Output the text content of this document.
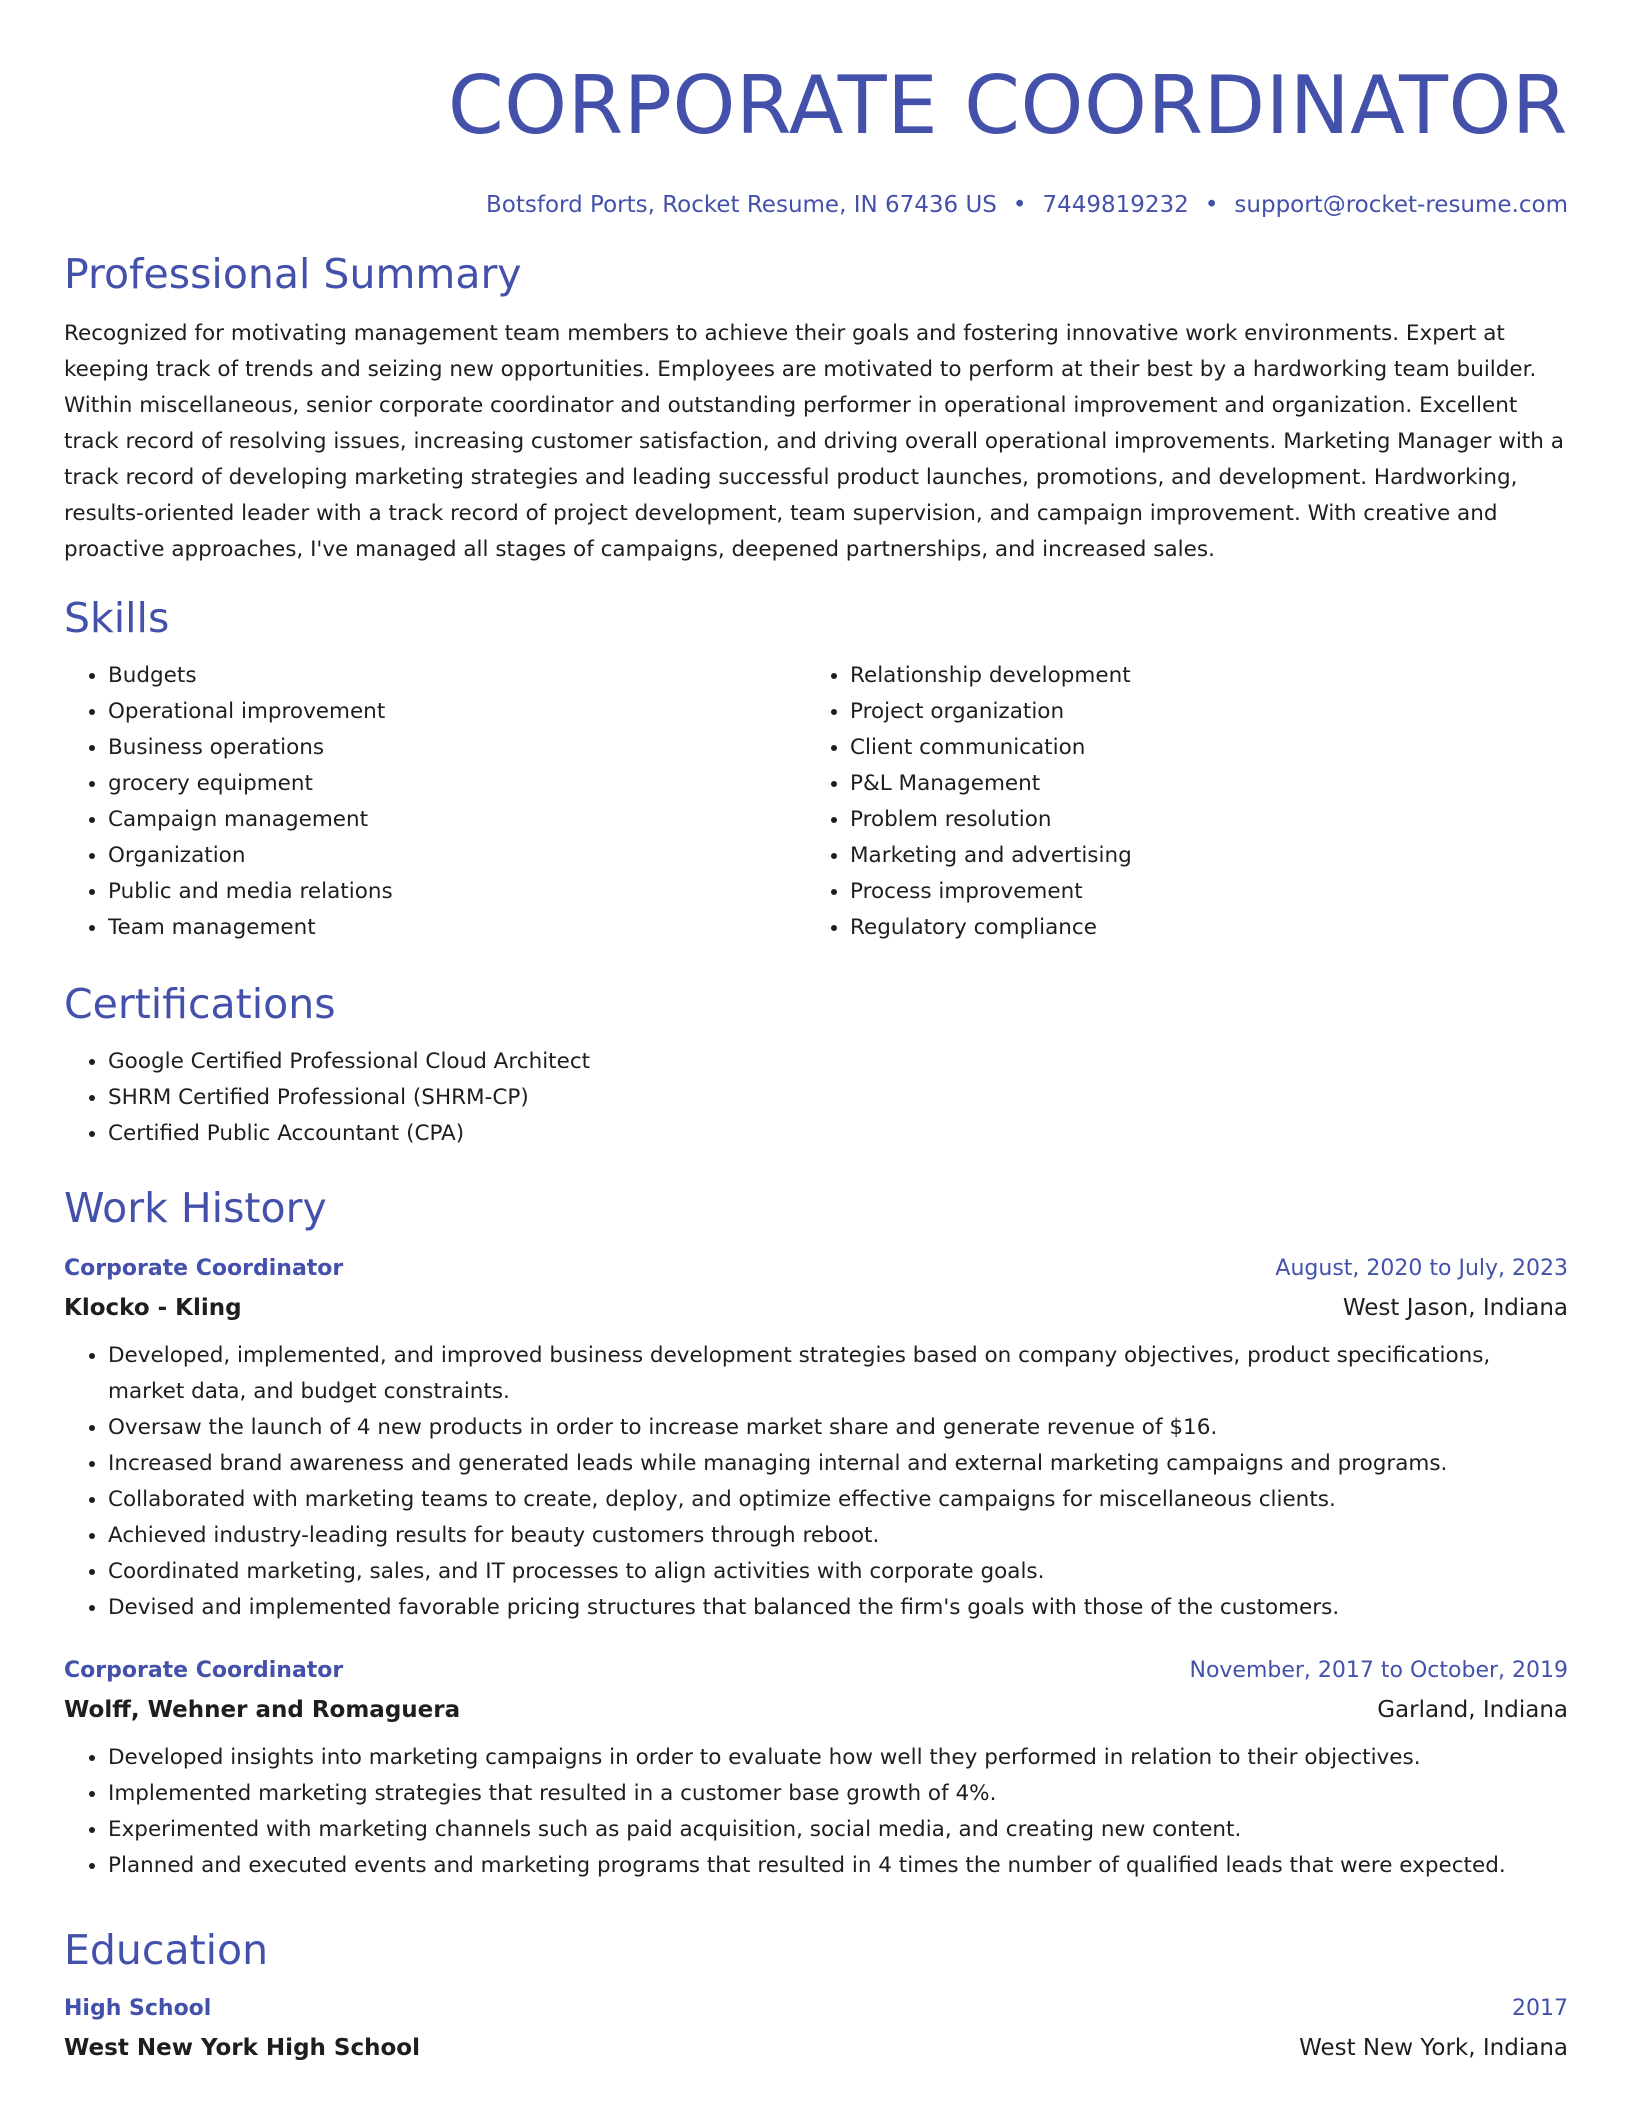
CORPORATE COORDINATOR
Botsford Ports, Rocket Resume, IN 67436 US • 7449819232 • support@rocket-resume.com
Professional Summary

Recognized for motivating management team members to achieve their goals and fostering innovative work environments. Expert at keeping track of trends and seizing new opportunities. Employees are motivated to perform at their best by a hardworking team builder. Within miscellaneous, senior corporate coordinator and outstanding performer in operational improvement and organization. Excellent track record of resolving issues, increasing customer satisfaction, and driving overall operational improvements. Marketing Manager with a track record of developing marketing strategies and leading successful product launches, promotions, and development. Hardworking, results-oriented leader with a track record of project development, team supervision, and campaign improvement. With creative and proactive approaches, I've managed all stages of campaigns, deepened partnerships, and increased sales.

Skills
• Budgets
• Operational improvement
• Business operations
• grocery equipment
• Campaign management
• Organization
• Public and media relations
• Team management
• Relationship development
• Project organization
• Client communication
• P&L Management
• Problem resolution
• Marketing and advertising
• Process improvement
• Regulatory compliance
Certifications
• Google Certified Professional Cloud Architect
• SHRM Certified Professional (SHRM-CP)
• Certified Public Accountant (CPA)
Work History
Corporate Coordinator	August, 2020 to July, 2023
Klocko - Kling	West Jason, Indiana
• Developed, implemented, and improved business development strategies based on company objectives, product specifications, market data, and budget constraints.
• Oversaw the launch of 4 new products in order to increase market share and generate revenue of $16.
• Increased brand awareness and generated leads while managing internal and external marketing campaigns and programs.
• Collaborated with marketing teams to create, deploy, and optimize effective campaigns for miscellaneous clients.
• Achieved industry-leading results for beauty customers through reboot.
• Coordinated marketing, sales, and IT processes to align activities with corporate goals.
• Devised and implemented favorable pricing structures that balanced the firm's goals with those of the customers.
Corporate Coordinator	November, 2017 to October, 2019
Wolff, Wehner and Romaguera	Garland, Indiana
• Developed insights into marketing campaigns in order to evaluate how well they performed in relation to their objectives.
• Implemented marketing strategies that resulted in a customer base growth of 4%.
• Experimented with marketing channels such as paid acquisition, social media, and creating new content.
• Planned and executed events and marketing programs that resulted in 4 times the number of qualified leads that were expected.
Education
High School	2017
West New York High School	West New York, Indiana
